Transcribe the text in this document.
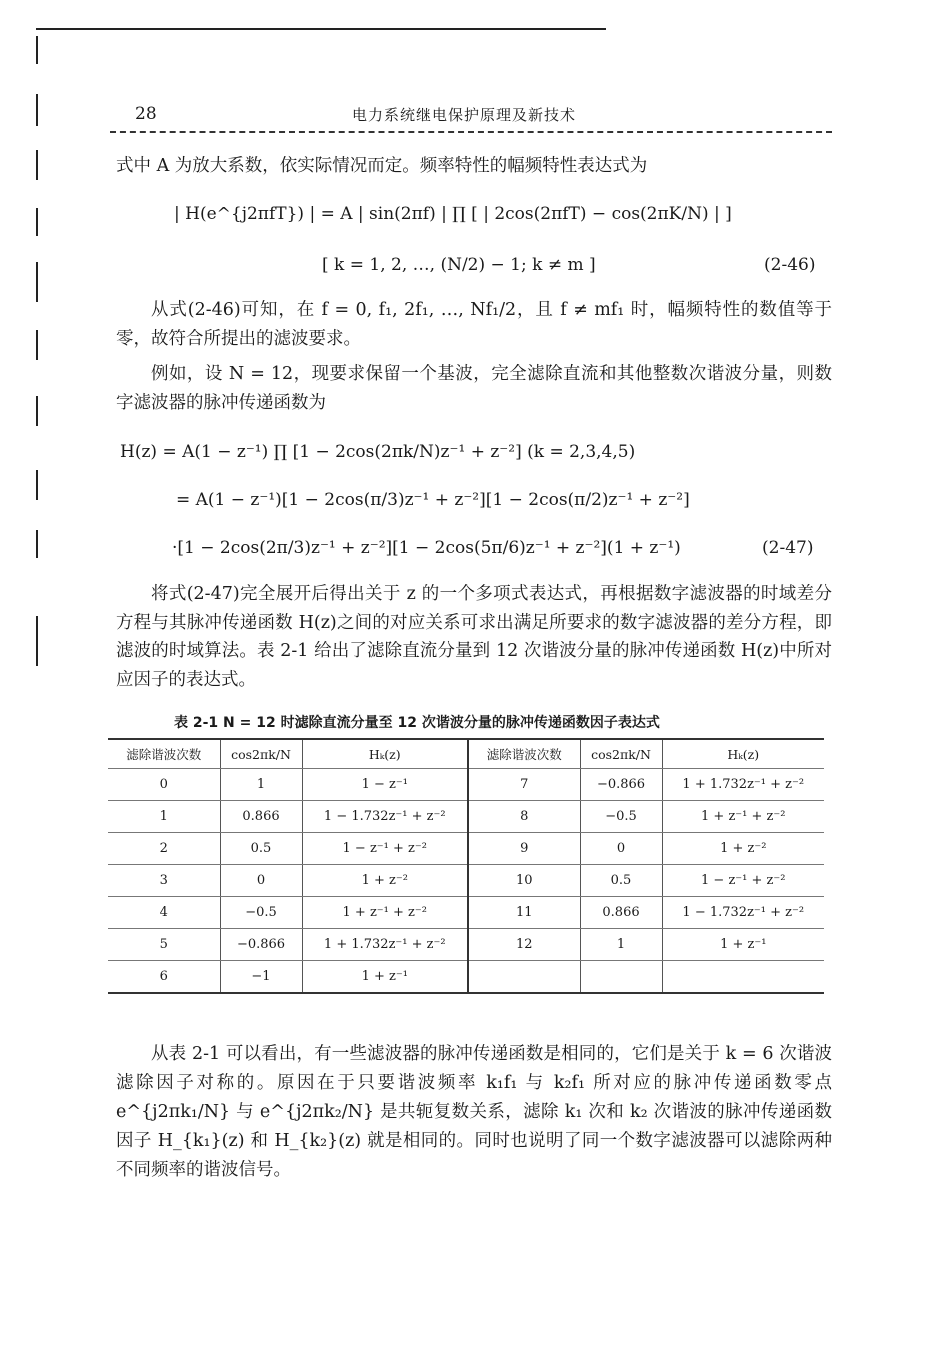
28	电力系统继电保护原理及新技术
式中 A 为放大系数，依实际情况而定。频率特性的幅频特性表达式为
| H(e^{j2πfT}) | = A | sin(2πf) | ∏ [ | 2cos(2πfT) − cos(2πK/N) | ]
[ k = 1, 2, …, (N/2) − 1; k ≠ m ]	(2-46)
从式(2-46)可知，在 f = 0, f₁, 2f₁, …, Nf₁/2，且 f ≠ mf₁ 时，幅频特性的数值等于零，故符合所提出的滤波要求。
例如，设 N = 12，现要求保留一个基波，完全滤除直流和其他整数次谐波分量，则数字滤波器的脉冲传递函数为
H(z) = A(1 − z⁻¹) ∏ [1 − 2cos(2πk/N)z⁻¹ + z⁻²] (k = 2,3,4,5)
= A(1 − z⁻¹)[1 − 2cos(π/3)z⁻¹ + z⁻²][1 − 2cos(π/2)z⁻¹ + z⁻²]
·[1 − 2cos(2π/3)z⁻¹ + z⁻²][1 − 2cos(5π/6)z⁻¹ + z⁻²](1 + z⁻¹)	(2-47)
将式(2-47)完全展开后得出关于 z 的一个多项式表达式，再根据数字滤波器的时域差分方程与其脉冲传递函数 H(z)之间的对应关系可求出满足所要求的数字滤波器的差分方程，即滤波的时域算法。表 2-1 给出了滤除直流分量到 12 次谐波分量的脉冲传递函数 H(z)中所对应因子的表达式。
表 2-1 N = 12 时滤除直流分量至 12 次谐波分量的脉冲传递函数因子表达式
滤除谐波次数	cos2πk/N	Hₖ(z)	滤除谐波次数	cos2πk/N	Hₖ(z)
0	1	1 − z⁻¹	7	−0.866	1 + 1.732z⁻¹ + z⁻²
1	0.866	1 − 1.732z⁻¹ + z⁻²	8	−0.5	1 + z⁻¹ + z⁻²
2	0.5	1 − z⁻¹ + z⁻²	9	0	1 + z⁻²
3	0	1 + z⁻²	10	0.5	1 − z⁻¹ + z⁻²
4	−0.5	1 + z⁻¹ + z⁻²	11	0.866	1 − 1.732z⁻¹ + z⁻²
5	−0.866	1 + 1.732z⁻¹ + z⁻²	12	1	1 + z⁻¹
6	−1	1 + z⁻¹			
从表 2-1 可以看出，有一些滤波器的脉冲传递函数是相同的，它们是关于 k = 6 次谐波滤除因子对称的。原因在于只要谐波频率 k₁f₁ 与 k₂f₁ 所对应的脉冲传递函数零点 e^{j2πk₁/N} 与 e^{j2πk₂/N} 是共轭复数关系，滤除 k₁ 次和 k₂ 次谐波的脉冲传递函数因子 H_{k₁}(z) 和 H_{k₂}(z) 就是相同的。同时也说明了同一个数字滤波器可以滤除两种不同频率的谐波信号。
